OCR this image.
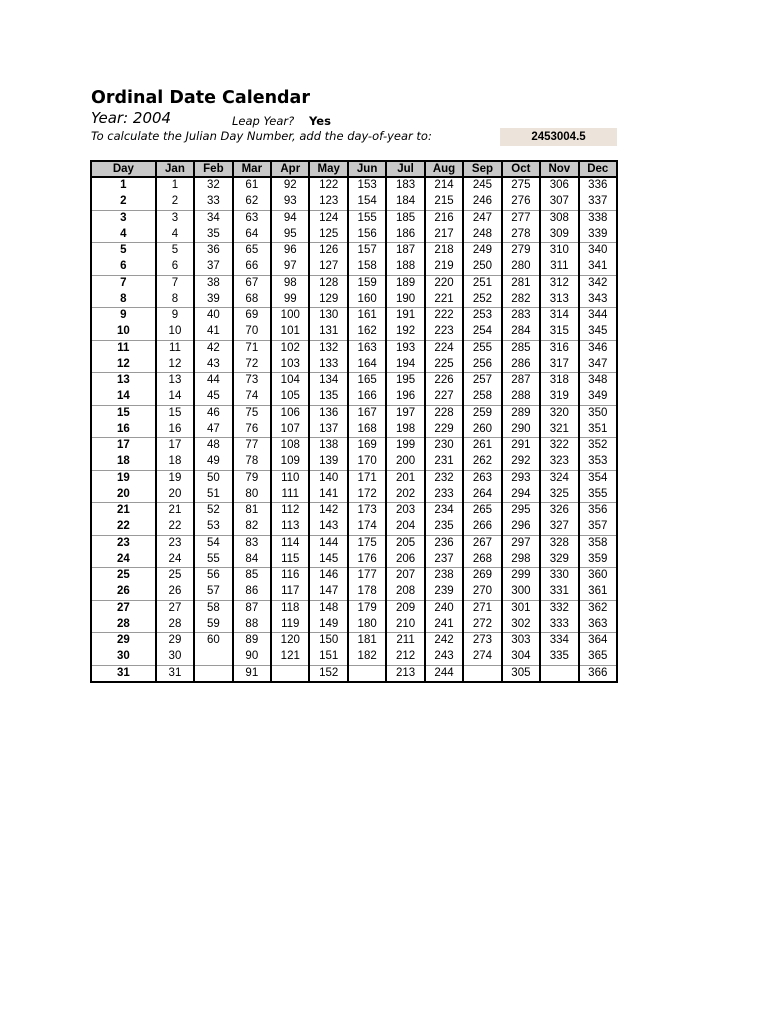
Ordinal Date Calendar
Year: 2004	Leap Year? Yes
To calculate the Julian Day Number, add the day-of-year to:	2453004.5
Day	Jan	Feb	Mar	Apr	May	Jun	Jul	Aug	Sep	Oct	Nov	Dec
1	1	32	61	92	122	153	183	214	245	275	306	336
2	2	33	62	93	123	154	184	215	246	276	307	337
3	3	34	63	94	124	155	185	216	247	277	308	338
4	4	35	64	95	125	156	186	217	248	278	309	339
5	5	36	65	96	126	157	187	218	249	279	310	340
6	6	37	66	97	127	158	188	219	250	280	311	341
7	7	38	67	98	128	159	189	220	251	281	312	342
8	8	39	68	99	129	160	190	221	252	282	313	343
9	9	40	69	100	130	161	191	222	253	283	314	344
10	10	41	70	101	131	162	192	223	254	284	315	345
11	11	42	71	102	132	163	193	224	255	285	316	346
12	12	43	72	103	133	164	194	225	256	286	317	347
13	13	44	73	104	134	165	195	226	257	287	318	348
14	14	45	74	105	135	166	196	227	258	288	319	349
15	15	46	75	106	136	167	197	228	259	289	320	350
16	16	47	76	107	137	168	198	229	260	290	321	351
17	17	48	77	108	138	169	199	230	261	291	322	352
18	18	49	78	109	139	170	200	231	262	292	323	353
19	19	50	79	110	140	171	201	232	263	293	324	354
20	20	51	80	111	141	172	202	233	264	294	325	355
21	21	52	81	112	142	173	203	234	265	295	326	356
22	22	53	82	113	143	174	204	235	266	296	327	357
23	23	54	83	114	144	175	205	236	267	297	328	358
24	24	55	84	115	145	176	206	237	268	298	329	359
25	25	56	85	116	146	177	207	238	269	299	330	360
26	26	57	86	117	147	178	208	239	270	300	331	361
27	27	58	87	118	148	179	209	240	271	301	332	362
28	28	59	88	119	149	180	210	241	272	302	333	363
29	29	60	89	120	150	181	211	242	273	303	334	364
30	30		90	121	151	182	212	243	274	304	335	365
31	31		91		152		213	244		305		366
